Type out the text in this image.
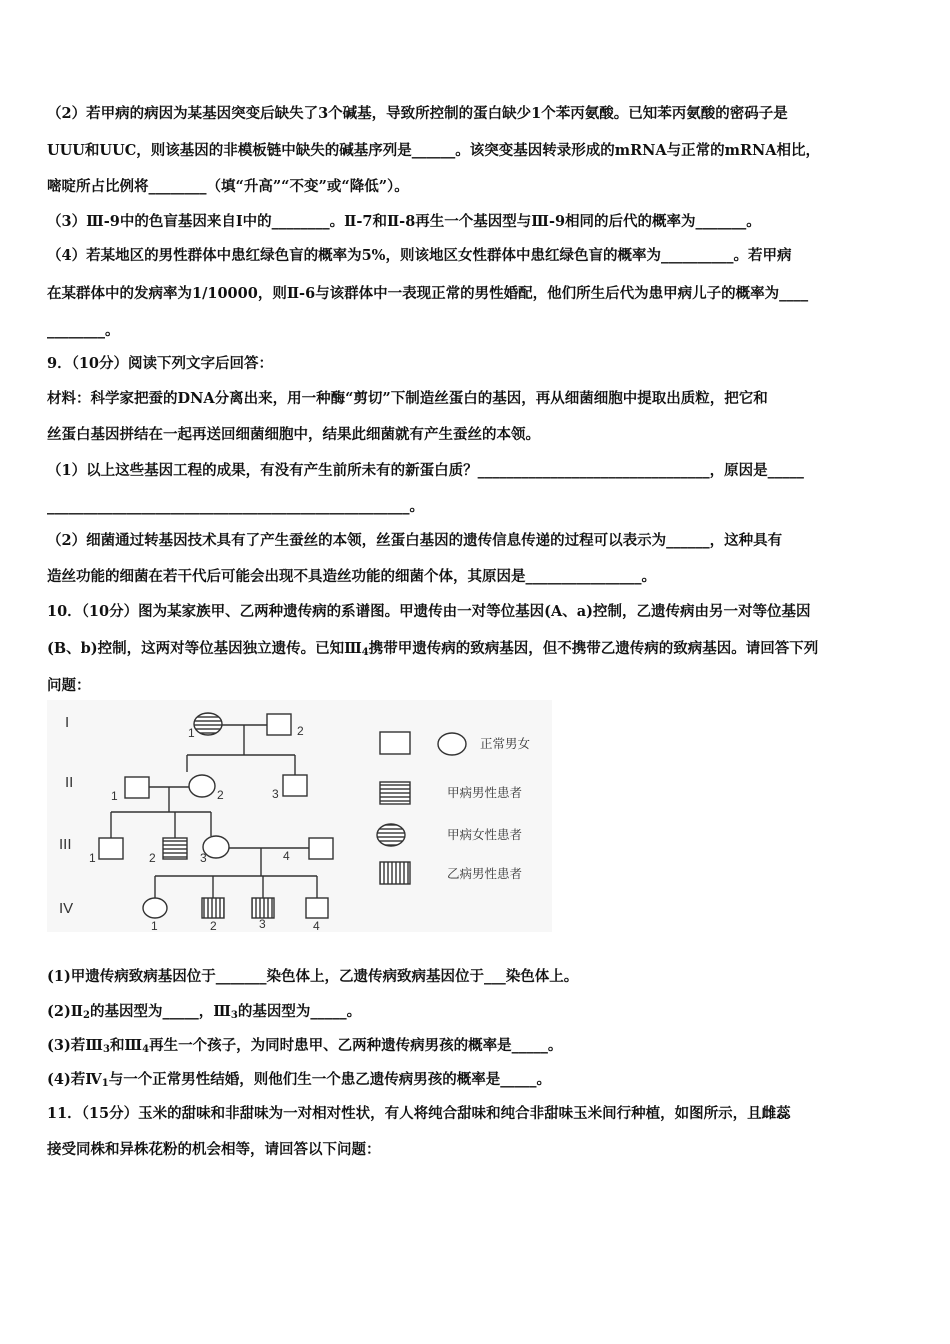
（2）若甲病的病因为某基因突变后缺失了3个碱基，导致所控制的蛋白缺少1个苯丙氨酸。已知苯丙氨酸的密码子是
UUU和UUC，则该基因的非模板链中缺失的碱基序列是______。该突变基因转录形成的mRNA与正常的mRNA相比，
嘧啶所占比例将________（填“升高”“不变”或“降低”）。
（3）Ⅲ-9中的色盲基因来自Ⅰ中的________。Ⅱ-7和Ⅱ-8再生一个基因型与Ⅲ-9相同的后代的概率为_______。
（4）若某地区的男性群体中患红绿色盲的概率为5%，则该地区女性群体中患红绿色盲的概率为__________。若甲病
在某群体中的发病率为1/10000，则Ⅱ-6与该群体中一表现正常的男性婚配，他们所生后代为患甲病儿子的概率为____
________。
9．（10分）阅读下列文字后回答：
材料：科学家把蚕的DNA分离出来，用一种酶“剪切”下制造丝蛋白的基因，再从细菌细胞中提取出质粒，把它和
丝蛋白基因拼结在一起再送回细菌细胞中，结果此细菌就有产生蚕丝的本领。
（1）以上这些基因工程的成果，有没有产生前所未有的新蛋白质？________________________________，原因是_____
__________________________________________________。
（2）细菌通过转基因技术具有了产生蚕丝的本领，丝蛋白基因的遗传信息传递的过程可以表示为______，这种具有
造丝功能的细菌在若干代后可能会出现不具造丝功能的细菌个体，其原因是________________。
10．（10分）图为某家族甲、乙两种遗传病的系谱图。甲遗传由一对等位基因(A、a)控制，乙遗传病由另一对等位基因
(B、b)控制，这两对等位基因独立遗传。已知$Ⅲ_4$携带甲遗传病的致病基因，但不携带乙遗传病的致病基因。请回答下列
问题：
I
II
III
IV
1	2
1	2	3
1	2	3	4
1	2	3	4
正常男女
甲病男性患者
甲病女性患者
乙病男性患者
(1)甲遗传病致病基因位于_______染色体上，乙遗传病致病基因位于___染色体上。
$(2)Ⅱ_2$的基因型为_____，$Ⅲ_3$的基因型为_____。
(3)若$Ⅲ_3$和$Ⅲ_4$再生一个孩子，为同时患甲、乙两种遗传病男孩的概率是_____。
(4)若$Ⅳ_1$与一个正常男性结婚，则他们生一个患乙遗传病男孩的概率是_____。
11．（15分）玉米的甜味和非甜味为一对相对性状，有人将纯合甜味和纯合非甜味玉米间行种植，如图所示，且雌蕊
接受同株和异株花粉的机会相等，请回答以下问题：
